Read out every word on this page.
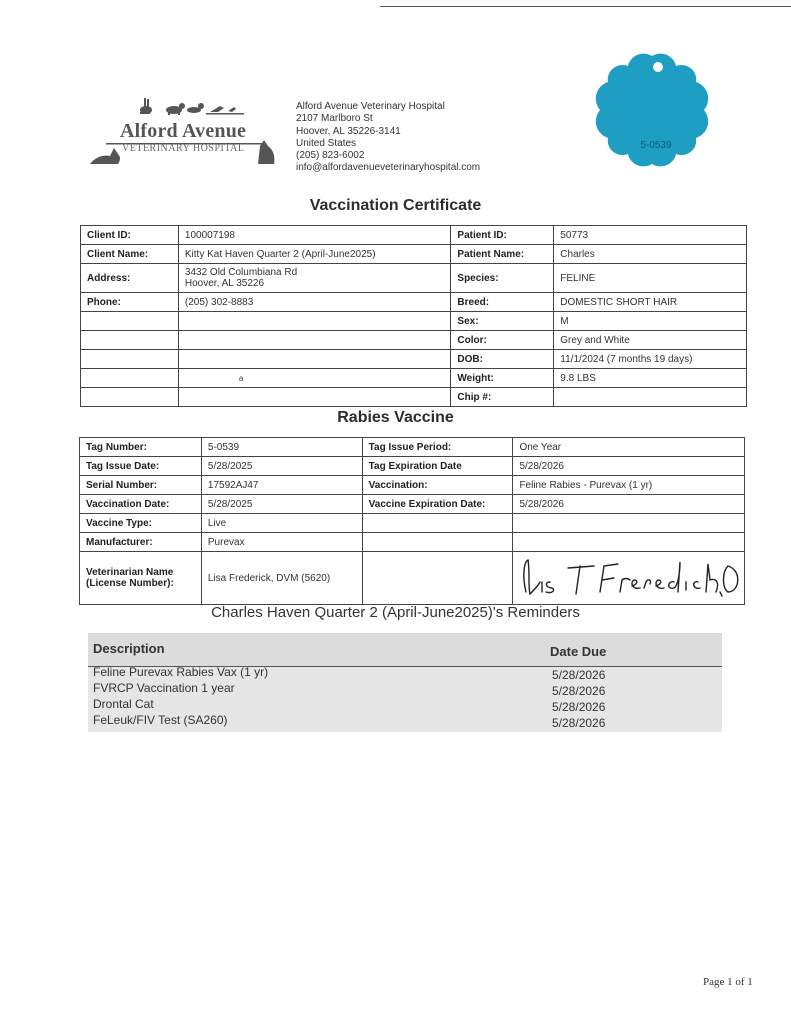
Alford Avenue
VETERINARY HOSPITAL
Alford Avenue Veterinary Hospital
2107 Marlboro St
Hoover, AL 35226-3141
United States
(205) 823-6002
info@alfordavenueveterinaryhospital.com
5-0539
Vaccination Certificate
Client ID:	100007198	Patient ID:	50773
Client Name:	Kitty Kat Haven Quarter 2 (April-June2025)	Patient Name:	Charles
Address:	3432 Old Columbiana Rd
Hoover, AL 35226	Species:	FELINE
Phone:	(205) 302-8883	Breed:	DOMESTIC SHORT HAIR
		Sex:	M
		Color:	Grey and White
		DOB:	11/1/2024 (7 months 19 days)
	a	Weight:	9.8 LBS
		Chip #:	
Rabies Vaccine
Tag Number:	5-0539	Tag Issue Period:	One Year
Tag Issue Date:	5/28/2025	Tag Expiration Date	5/28/2026
Serial Number:	17592AJ47	Vaccination:	Feline Rabies - Purevax (1 yr)
Vaccination Date:	5/28/2025	Vaccine Expiration Date:	5/28/2026
Vaccine Type:	Live		
Manufacturer:	Purevax		

Veterinarian Name
(License Number):	Lisa Frederick, DVM (5620)		
Charles Haven Quarter 2 (April-June2025)'s Reminders
Description	Date Due
Feline Purevax Rabies Vax (1 yr)	5/28/2026
FVRCP Vaccination 1 year	5/28/2026
Drontal Cat	5/28/2026
FeLeuk/FIV Test (SA260)	5/28/2026
Page 1 of 1
